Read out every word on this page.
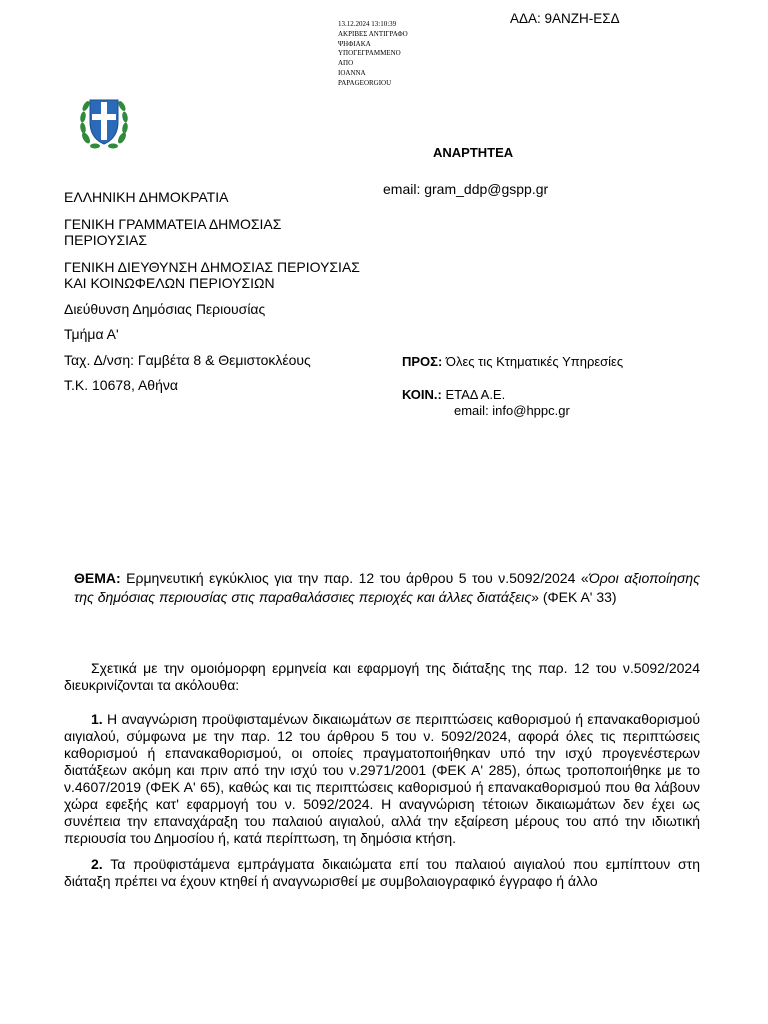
13.12.2024 13:10:39
ΑΚΡΙΒΕΣ ΑΝΤΙΓΡΑΦΟ
ΨΗΦΙΑΚΑ
ΥΠΟΓΕΓΡΑΜΜΕΝΟ
ΑΠΟ
IOANNA
PAPAGEORGIOU
ΑΔΑ: 9ΑΝΖΗ-ΕΣΔ
ΑΝΑΡΤΗΤΕΑ
email: gram_ddp@gspp.gr
ΕΛΛΗΝΙΚΗ ΔΗΜΟΚΡΑΤΙΑ
ΓΕΝΙΚΗ ΓΡΑΜΜΑΤΕΙΑ ΔΗΜΟΣΙΑΣ ΠΕΡΙΟΥΣΙΑΣ
ΓΕΝΙΚΗ ΔΙΕΥΘΥΝΣΗ ΔΗΜΟΣΙΑΣ ΠΕΡΙΟΥΣΙΑΣ ΚΑΙ ΚΟΙΝΩΦΕΛΩΝ ΠΕΡΙΟΥΣΙΩΝ
Διεύθυνση Δημόσιας Περιουσίας
Τμήμα Α'
Ταχ. Δ/νση: Γαμβέτα 8 & Θεμιστοκλέους
Τ.Κ. 10678, Αθήνα
ΠΡΟΣ: Όλες τις Κτηματικές Υπηρεσίες
ΚΟΙΝ.: ΕΤΑΔ Α.Ε.
email: info@hppc.gr
ΘΕΜΑ: Ερμηνευτική εγκύκλιος για την παρ. 12 του άρθρου 5 του ν.5092/2024 «Όροι αξιοποίησης της δημόσιας περιουσίας στις παραθαλάσσιες περιοχές και άλλες διατάξεις» (ΦΕΚ Α' 33)

Σχετικά με την ομοιόμορφη ερμηνεία και εφαρμογή της διάταξης της παρ. 12 του ν.5092/2024 διευκρινίζονται τα ακόλουθα:

1. Η αναγνώριση προϋφισταμένων δικαιωμάτων σε περιπτώσεις καθορισμού ή επανακαθορισμού αιγιαλού, σύμφωνα με την παρ. 12 του άρθρου 5 του ν. 5092/2024, αφορά όλες τις περιπτώσεις καθορισμού ή επανακαθορισμού, οι οποίες πραγματοποιήθηκαν υπό την ισχύ προγενέστερων διατάξεων ακόμη και πριν από την ισχύ του ν.2971/2001 (ΦΕΚ Α' 285), όπως τροποποιήθηκε με το ν.4607/2019 (ΦΕΚ Α' 65), καθώς και τις περιπτώσεις καθορισμού ή επανακαθορισμού που θα λάβουν χώρα εφεξής κατ' εφαρμογή του ν. 5092/2024. Η αναγνώριση τέτοιων δικαιωμάτων δεν έχει ως συνέπεια την επαναχάραξη του παλαιού αιγιαλού, αλλά την εξαίρεση μέρους του από την ιδιωτική περιουσία του Δημοσίου ή, κατά περίπτωση, τη δημόσια κτήση.

2. Τα προϋφιστάμενα εμπράγματα δικαιώματα επί του παλαιού αιγιαλού που εμπίπτουν στη διάταξη πρέπει να έχουν κτηθεί ή αναγνωρισθεί με συμβολαιογραφικό έγγραφο ή άλλο
